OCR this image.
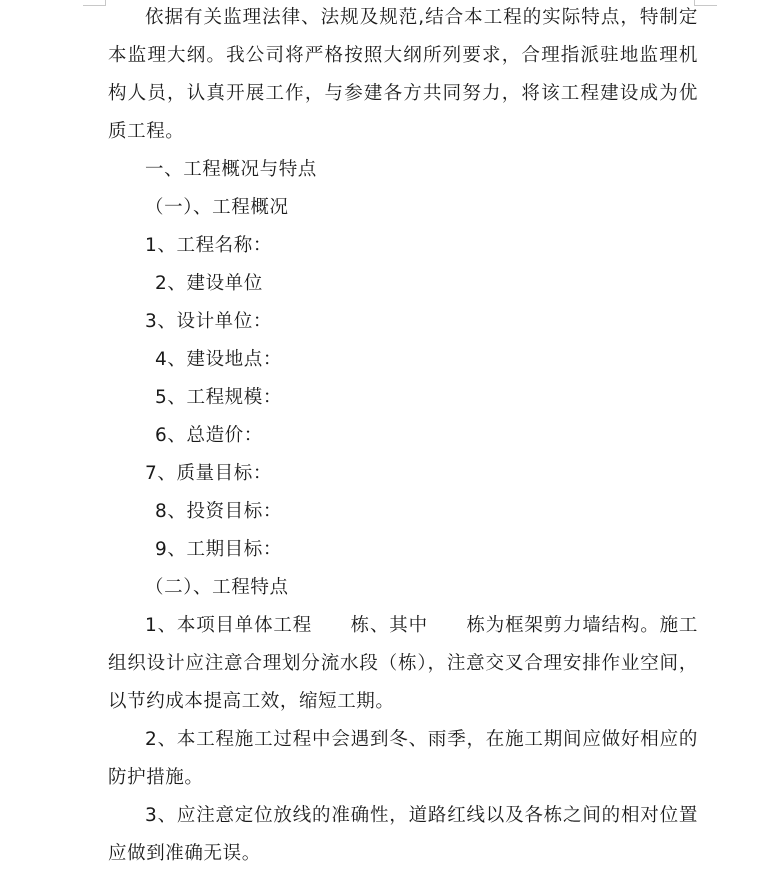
依据有关监理法律、法规及规范,结合本工程的实际特点，特制定本监理大纲。我公司将严格按照大纲所列要求，合理指派驻地监理机构人员，认真开展工作，与参建各方共同努力，将该工程建设成为优质工程。

一、工程概况与特点

（一）、工程概况

1、工程名称：

2、建设单位

3、设计单位：

4、建设地点：

5、工程规模：

6、总造价：

7、质量目标：

8、投资目标：

9、工期目标：

（二）、工程特点

1、本项目单体工程　　栋、其中　　栋为框架剪力墙结构。施工组织设计应注意合理划分流水段（栋），注意交叉合理安排作业空间，以节约成本提高工效，缩短工期。

2、本工程施工过程中会遇到冬、雨季，在施工期间应做好相应的防护措施。

3、应注意定位放线的准确性，道路红线以及各栋之间的相对位置应做到准确无误。
